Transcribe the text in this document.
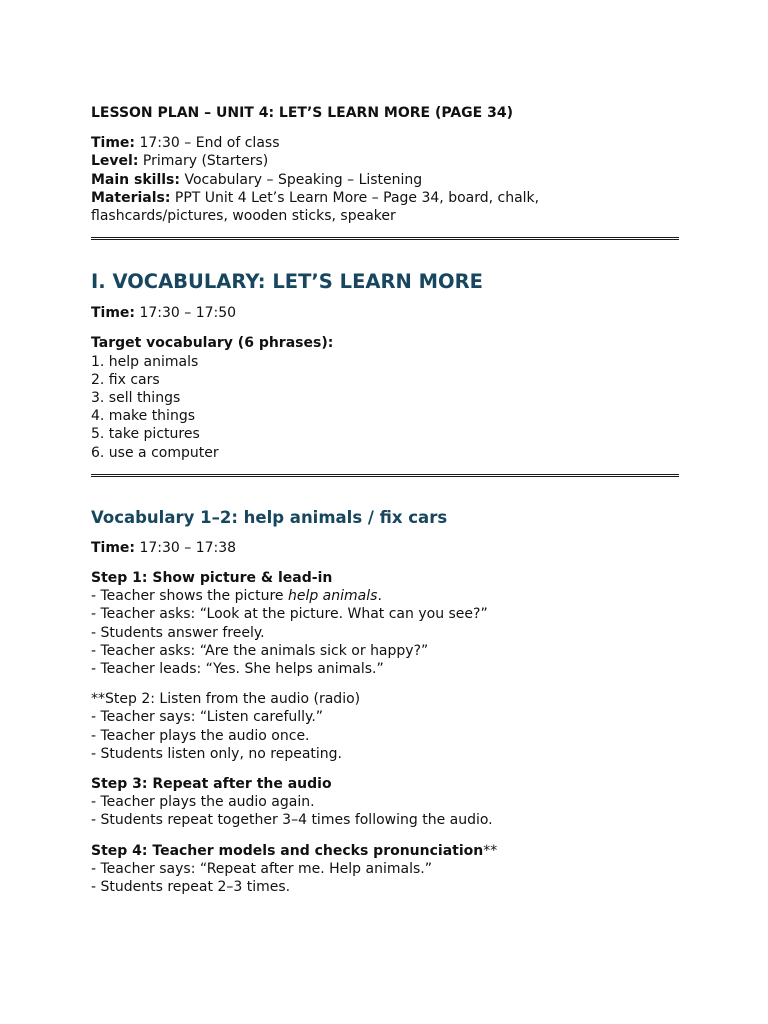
LESSON PLAN – UNIT 4: LET’S LEARN MORE (PAGE 34)

Time: 17:30 – End of class

Level: Primary (Starters)

Main skills: Vocabulary – Speaking – Listening

Materials: PPT Unit 4 Let’s Learn More – Page 34, board, chalk, flashcards/pictures, wooden sticks, speaker

I. VOCABULARY: LET’S LEARN MORE

Time: 17:30 – 17:50

Target vocabulary (6 phrases):

1. help animals

2. fix cars

3. sell things

4. make things

5. take pictures

6. use a computer

Vocabulary 1–2: help animals / fix cars

Time: 17:30 – 17:38

Step 1: Show picture & lead-in

- Teacher shows the picture help animals.

- Teacher asks: “Look at the picture. What can you see?”

- Students answer freely.

- Teacher asks: “Are the animals sick or happy?”

- Teacher leads: “Yes. She helps animals.”

**Step 2: Listen from the audio (radio)

- Teacher says: “Listen carefully.”

- Teacher plays the audio once.

- Students listen only, no repeating.

Step 3: Repeat after the audio

- Teacher plays the audio again.

- Students repeat together 3–4 times following the audio.

Step 4: Teacher models and checks pronunciation**

- Teacher says: “Repeat after me. Help animals.”

- Students repeat 2–3 times.
